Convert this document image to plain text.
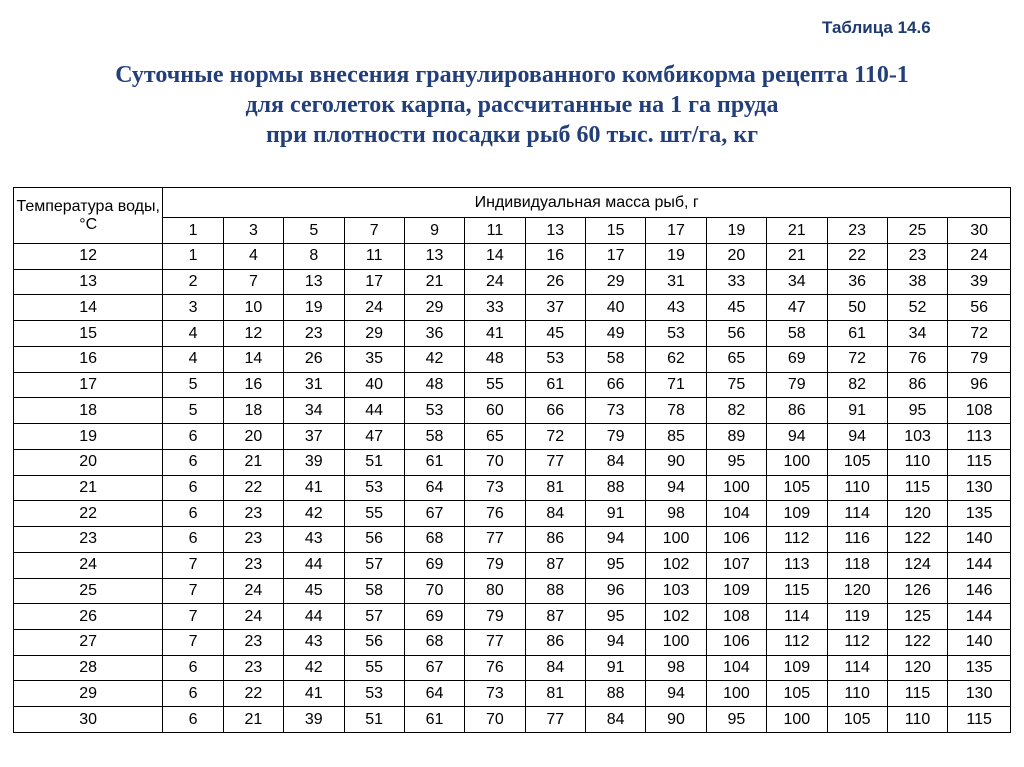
Таблица 14.6
Суточные нормы внесения гранулированного комбикорма рецепта 110-1
для сеголеток карпа, рассчитанные на 1 га пруда
при плотности посадки рыб 60 тыс. шт/га, кг
Температура воды, °С	Индивидуальная масса рыб, г													
	1	3	5	7	9	11	13	15	17	19	21	23	25	30
12	1	4	8	11	13	14	16	17	19	20	21	22	23	24
13	2	7	13	17	21	24	26	29	31	33	34	36	38	39
14	3	10	19	24	29	33	37	40	43	45	47	50	52	56
15	4	12	23	29	36	41	45	49	53	56	58	61	34	72
16	4	14	26	35	42	48	53	58	62	65	69	72	76	79
17	5	16	31	40	48	55	61	66	71	75	79	82	86	96
18	5	18	34	44	53	60	66	73	78	82	86	91	95	108
19	6	20	37	47	58	65	72	79	85	89	94	94	103	113
20	6	21	39	51	61	70	77	84	90	95	100	105	110	115
21	6	22	41	53	64	73	81	88	94	100	105	110	115	130
22	6	23	42	55	67	76	84	91	98	104	109	114	120	135
23	6	23	43	56	68	77	86	94	100	106	112	116	122	140
24	7	23	44	57	69	79	87	95	102	107	113	118	124	144
25	7	24	45	58	70	80	88	96	103	109	115	120	126	146
26	7	24	44	57	69	79	87	95	102	108	114	119	125	144
27	7	23	43	56	68	77	86	94	100	106	112	112	122	140
28	6	23	42	55	67	76	84	91	98	104	109	114	120	135
29	6	22	41	53	64	73	81	88	94	100	105	110	115	130
30	6	21	39	51	61	70	77	84	90	95	100	105	110	115
